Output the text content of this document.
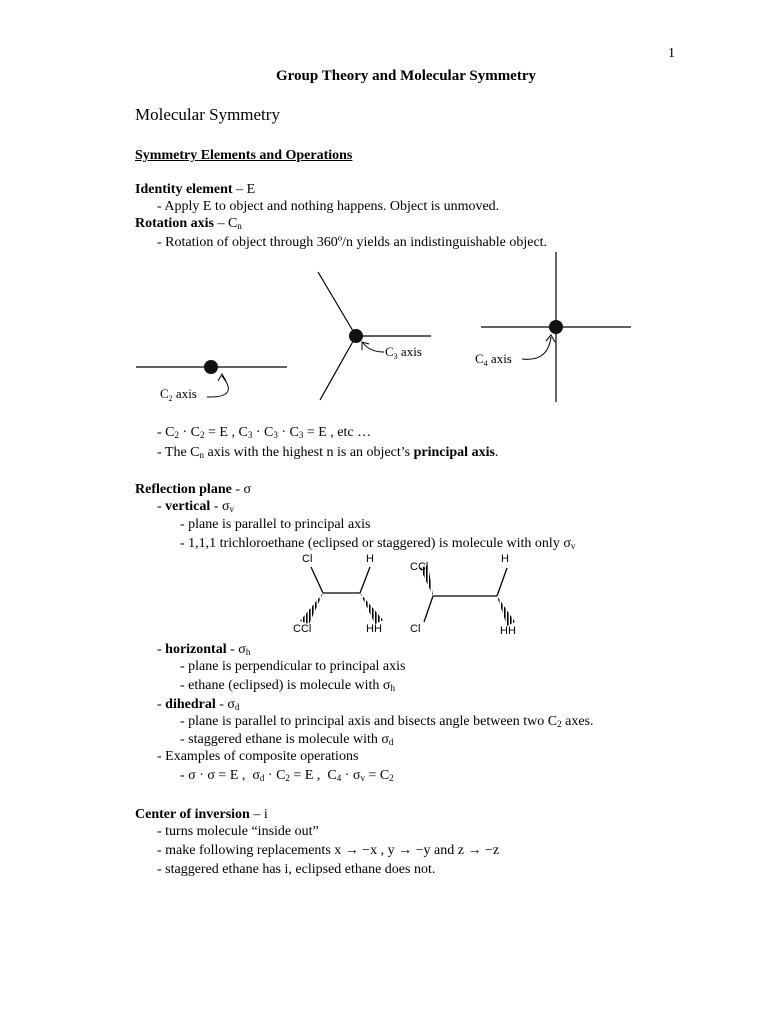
1
Group Theory and Molecular Symmetry
Molecular Symmetry
Symmetry Elements and Operations
Identity element – E
- Apply E to object and nothing happens. Object is unmoved.
Rotation axis – $C_n$
- Rotation of object through 360º/n yields an indistinguishable object.
$C_2$ axis
$C_3$ axis	$C_4$ axis
- $C_2 \cdot C_2 = E$ , $C_3 \cdot C_3 \cdot C_3 = E$ , etc …
- The $C_n$ axis with the highest n is an object’s principal axis.
Reflection plane - σ
- vertical - $\sigma_v$
- plane is parallel to principal axis
- 1,1,1 trichloroethane (eclipsed or staggered) is molecule with only $\sigma_v$
Cl	H
CCl	HH
CCl
H
Cl	HH
- horizontal - $\sigma_h$
- plane is perpendicular to principal axis
- ethane (eclipsed) is molecule with $\sigma_h$
- dihedral - $\sigma_d$
- plane is parallel to principal axis and bisects angle between two $C_2$ axes.
- staggered ethane is molecule with $\sigma_d$
- Examples of composite operations
- σ · σ = E ,  $\sigma_d \cdot C_2 = E$ ,  $C_4 \cdot \sigma_v = C_2$
Center of inversion – i
- turns molecule “inside out”
- make following replacements x → −x , y → −y and z → −z
- staggered ethane has i, eclipsed ethane does not.
